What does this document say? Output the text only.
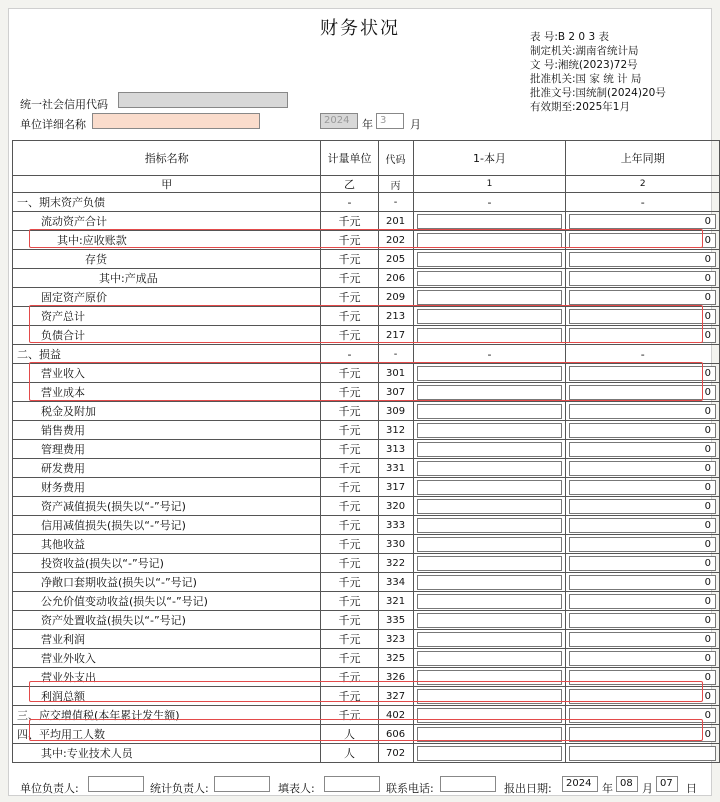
财务状况	表 号:B 2 0 3 表
制定机关:湖南省统计局
文 号:湘统(2023)72号
批准机关:国 家 统 计 局
批准文号:国统制(2024)20号
有效期至:2025年1月
统一社会信用代码
单位详细名称	2024	年 3	月
指标名称	计量单位	代码	1-本月	上年同期
甲	乙	丙	1	2
一、期末资产负债	-	-	-	-
流动资产合计	千元	201		0

其中:应收账款	千元	202		0

存货	千元	205		0

其中:产成品	千元	206		0

固定资产原价	千元	209		0

资产总计	千元	213		0

负债合计	千元	217		0

二、损益	-	-	-	-
营业收入	千元	301		0

营业成本	千元	307		0

税金及附加	千元	309		0

销售费用	千元	312		0

管理费用	千元	313		0

研发费用	千元	331		0

财务费用	千元	317		0

资产减值损失(损失以“-”号记)	千元	320		0

信用减值损失(损失以“-”号记)	千元	333		0

其他收益	千元	330		0

投资收益(损失以“-”号记)	千元	322		0

净敞口套期收益(损失以“-”号记)	千元	334		0

公允价值变动收益(损失以“-”号记)	千元	321		0

资产处置收益(损失以“-”号记)	千元	335		0

营业利润	千元	323		0

营业外收入	千元	325		0

营业外支出	千元	326		0

利润总额	千元	327		0

三、应交增值税(本年累计发生额)	千元	402		0

四、平均用工人数	人	606		0

其中:专业技术人员	人	702	

单位负责人:	统计负责人:	填表人:	联系电话:	报出日期:	2024 年 08 月 07	日
